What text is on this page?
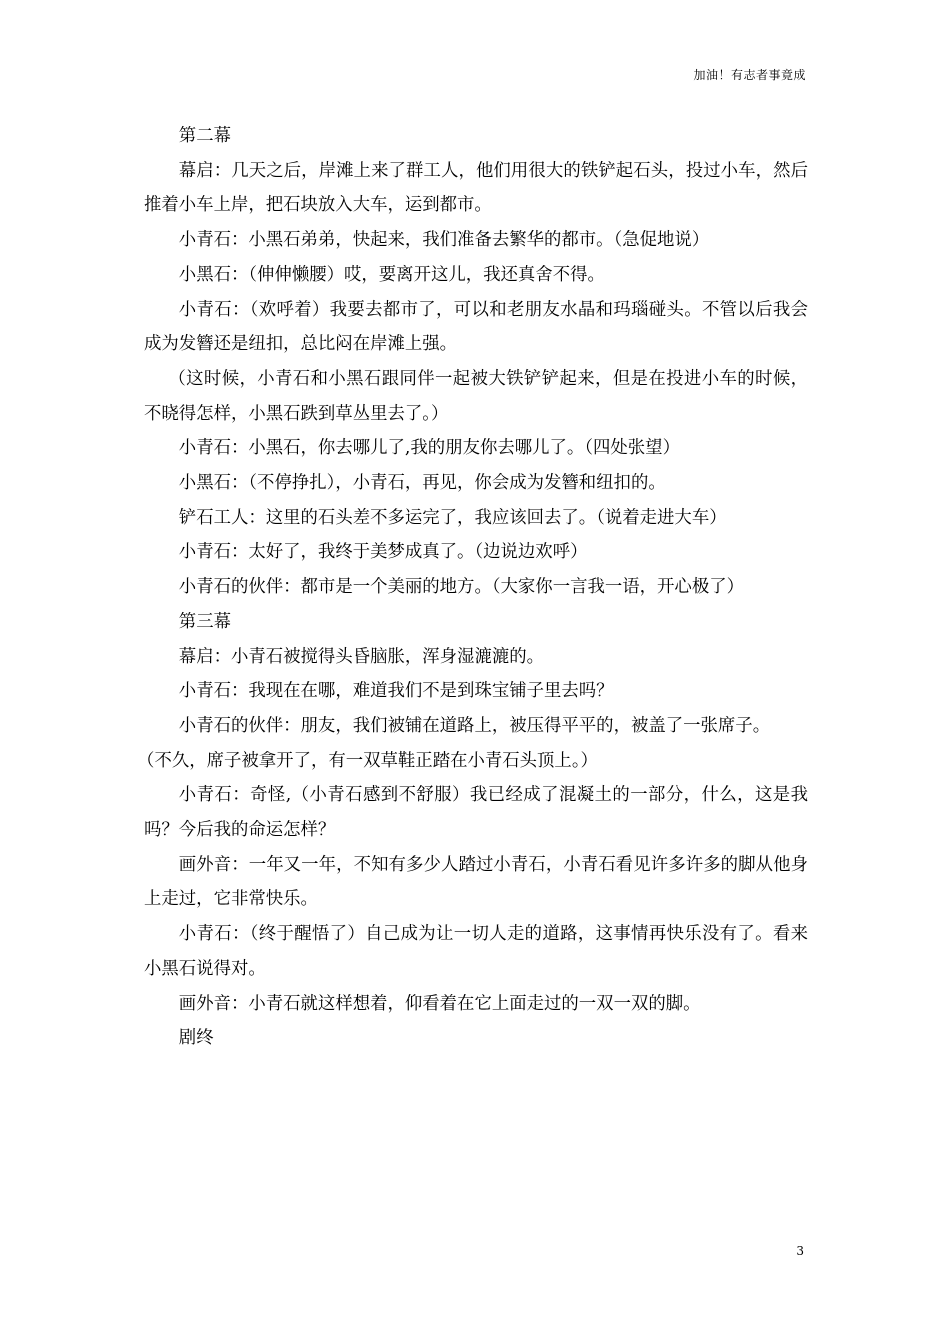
加油！有志者事竟成

第二幕

幕启：几天之后，岸滩上来了群工人，他们用很大的铁铲起石头，投过小车，然后推着小车上岸，把石块放入大车，运到都市。

小青石：小黑石弟弟，快起来，我们准备去繁华的都市。（急促地说）

小黑石：（伸伸懒腰）哎，要离开这儿，我还真舍不得。

小青石：（欢呼着）我要去都市了，可以和老朋友水晶和玛瑙碰头。不管以后我会成为发簪还是纽扣，总比闷在岸滩上强。

（这时候，小青石和小黑石跟同伴一起被大铁铲铲起来，但是在投进小车的时候，不晓得怎样，小黑石跌到草丛里去了。）

小青石：小黑石，你去哪儿了,我的朋友你去哪儿了。（四处张望）

小黑石：（不停挣扎），小青石，再见，你会成为发簪和纽扣的。

铲石工人：这里的石头差不多运完了，我应该回去了。（说着走进大车）

小青石：太好了，我终于美梦成真了。（边说边欢呼）

小青石的伙伴：都市是一个美丽的地方。（大家你一言我一语，开心极了）

第三幕

幕启：小青石被搅得头昏脑胀，浑身湿漉漉的。

小青石：我现在在哪，难道我们不是到珠宝铺子里去吗？

小青石的伙伴：朋友，我们被铺在道路上，被压得平平的，被盖了一张席子。

（不久，席子被拿开了，有一双草鞋正踏在小青石头顶上。）

小青石：奇怪,（小青石感到不舒服）我已经成了混凝土的一部分，什么，这是我吗？今后我的命运怎样？

画外音：一年又一年，不知有多少人踏过小青石，小青石看见许多许多的脚从他身上走过，它非常快乐。

小青石：（终于醒悟了）自己成为让一切人走的道路，这事情再快乐没有了。看来小黑石说得对。

画外音：小青石就这样想着，仰看着在它上面走过的一双一双的脚。

剧终

3
